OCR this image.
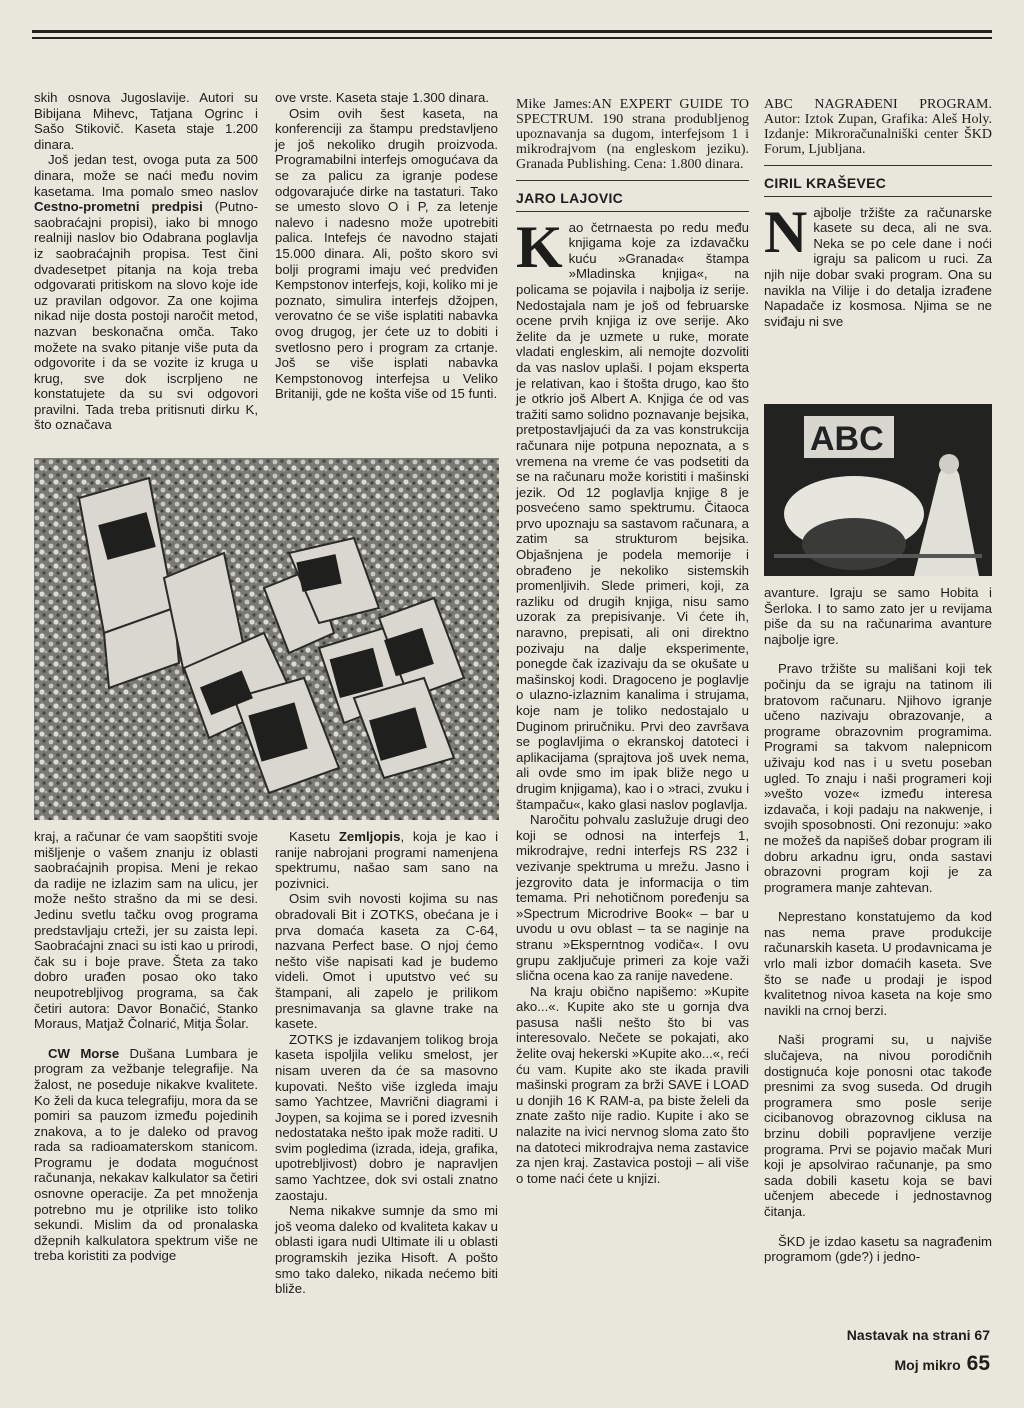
skih osnova Jugoslavije. Autori su Bibijana Mihevc, Tatjana Ogrinc i Sašo Stikovič. Kaseta staje 1.200 dinara.

Još jedan test, ovoga puta za 500 dinara, može se naći među novim kasetama. Ima pomalo smeo naslov Cestno-prometni predpisi (Putno-saobraćajni propisi), iako bi mnogo realniji naslov bio Odabrana poglavlja iz saobraćajnih propisa. Test čini dvadesetpet pitanja na koja treba odgovarati pritiskom na slovo koje ide uz pravilan odgovor. Za one kojima nikad nije dosta postoji naročit metod, nazvan beskonačna omča. Tako možete na svako pitanje više puta da odgovorite i da se vozite iz kruga u krug, sve dok iscrpljeno ne konstatujete da su svi odgovori pravilni. Tada treba pritisnuti dirku K, što označava

ove vrste. Kaseta staje 1.300 dinara.

Osim ovih šest kaseta, na konferenciji za štampu predstavljeno je još nekoliko drugih proizvoda. Programabilni interfejs omogućava da se za palicu za igranje podese odgovarajuće dirke na tastaturi. Tako se umesto slovo O i P, za letenje nalevo i nadesno može upotrebiti palica. Intefejs će navodno stajati 15.000 dinara. Ali, pošto skoro svi bolji programi imaju već predviđen Kempstonov interfejs, koji, koliko mi je poznato, simulira interfejs džojpen, verovatno će se više isplatiti nabavka ovog drugog, jer ćete uz to dobiti i svetlosno pero i program za crtanje. Još se više isplati nabavka Kempstonovog interfejsa u Veliko Britaniji, gde ne košta više od 15 funti.

kraj, a računar će vam saopštiti svoje mišljenje o vašem znanju iz oblasti saobraćajnih propisa. Meni je rekao da radije ne izlazim sam na ulicu, jer može nešto strašno da mi se desi. Jedinu svetlu tačku ovog programa predstavljaju crteži, jer su zaista lepi. Saobraćajni znaci su isti kao u prirodi, čak su i boje prave. Šteta za tako dobro urađen posao oko tako neupotrebljivog programa, sa čak četiri autora: Davor Bonačić, Stanko Moraus, Matjaž Čolnarić, Mitja Šolar.

CW Morse Dušana Lumbara je program za vežbanje telegrafije. Na žalost, ne poseduje nikakve kvalitete. Ko želi da kuca telegrafiju, mora da se pomiri sa pauzom između pojedinih znakova, a to je daleko od pravog rada sa radioamaterskom stanicom. Programu je dodata mogućnost računanja, nekakav kalkulator sa četiri osnovne operacije. Za pet množenja potrebno mu je otprilike isto toliko sekundi. Mislim da od pronalaska džepnih kalkulatora spektrum više ne treba koristiti za podvige

Kasetu Zemljopis, koja je kao i ranije nabrojani programi namenjena spektrumu, našao sam sano na pozivnici.

Osim svih novosti kojima su nas obradovali Bit i ZOTKS, obećana je i prva domaća kaseta za C-64, nazvana Perfect base. O njoj ćemo nešto više napisati kad je budemo videli. Omot i uputstvo već su štampani, ali zapelo je prilikom presnimavanja sa glavne trake na kasete.

ZOTKS je izdavanjem tolikog broja kaseta ispoljila veliku smelost, jer nisam uveren da će sa masovno kupovati. Nešto više izgleda imaju samo Yachtzee, Mavrični diagrami i Joypen, sa kojima se i pored izvesnih nedostataka nešto ipak može raditi. U svim pogledima (izrada, ideja, grafika, upotrebljivost) dobro je napravljen samo Yachtzee, dok svi ostali znatno zaostaju.

Nema nikakve sumnje da smo mi još veoma daleko od kvaliteta kakav u oblasti igara nudi Ultimate ili u oblasti programskih jezika Hisoft. A pošto smo tako daleko, nikada nećemo biti bliže.

Mike James:AN EXPERT GUIDE TO SPECTRUM. 190 strana produbljenog upoznavanja sa dugom, interfejsom 1 i mikrodrajvom (na engleskom jeziku). Granada Publishing. Cena: 1.800 dinara.
JARO LAJOVIC

Kao četrnaesta po redu među knjigama koje za izdavačku kuću »Granada« štampa »Mladinska knjiga«, na policama se pojavila i najbolja iz serije. Nedostajala nam je još od februarske ocene prvih knjiga iz ove serije. Ako želite da je uzmete u ruke, morate vladati engleskim, ali nemojte dozvoliti da vas naslov uplaši. I pojam eksperta je relativan, kao i štošta drugo, kao što je otkrio još Albert A. Knjiga će od vas tražiti samo solidno poznavanje bejsika, pretpostavljajući da za vas konstrukcija računara nije potpuna nepoznata, a s vremena na vreme će vas podsetiti da se na računaru može koristiti i mašinski jezik. Od 12 poglavlja knjige 8 je posvećeno samo spektrumu. Čitaoca prvo upoznaju sa sastavom računara, a zatim sa strukturom bejsika. Objašnjena je podela memorije i obrađeno je nekoliko sistemskih promenljivih. Slede primeri, koji, za razliku od drugih knjiga, nisu samo uzorak za prepisivanje. Vi ćete ih, naravno, prepisati, ali oni direktno pozivaju na dalje eksperimente, ponegde čak izazivaju da se okušate u mašinskoj kodi. Dragoceno je poglavlje o ulazno-izlaznim kanalima i strujama, koje nam je toliko nedostajalo u Duginom priručniku. Prvi deo završava se poglavljima o ekranskoj datoteci i aplikacijama (sprajtova još uvek nema, ali ovde smo im ipak bliže nego u drugim knjigama), kao i o »traci, zvuku i štampaču«, kako glasi naslov poglavlja.

Naročitu pohvalu zaslužuje drugi deo koji se odnosi na interfejs 1, mikrodrajve, redni interfejs RS 232 i vezivanje spektruma u mrežu. Jasno i jezgrovito data je informacija o tim temama. Pri nehotičnom poređenju sa »Spectrum Microdrive Book« – bar u uvodu u ovu oblast – ta se naginje na stranu »Eksperntnog vodiča«. I ovu grupu zaključuje primeri za koje važi slična ocena kao za ranije navedene.

Na kraju obično napišemo: »Kupite ako...«. Kupite ako ste u gornja dva pasusa našli nešto što bi vas interesovalo. Nečete se pokajati, ako želite ovaj hekerski »Kupite ako...«, reći ću vam. Kupite ako ste ikada pravili mašinski program za brži SAVE i LOAD u donjih 16 K RAM-a, pa biste želeli da znate zašto nije radio. Kupite i ako se nalazite na ivici nervnog sloma zato što na datoteci mikrodrajva nema zastavice za njen kraj. Zastavica postoji – ali više o tome naći ćete u knjizi.

ABC NAGRAĐENI PROGRAM. Autor: Iztok Zupan, Grafika: Aleš Holy. Izdanje: Mikroračunalniški center ŠKD Forum, Ljubljana.
CIRIL KRAŠEVEC

Najbolje tržište za računarske kasete su deca, ali ne sva. Neka se po cele dane i noći igraju sa palicom u ruci. Za njih nije dobar svaki program. Ona su navikla na Vilije i do detalja izrađene Napadače iz kosmosa. Njima se ne sviđaju ni sve

ABC

avanture. Igraju se samo Hobita i Šerloka. I to samo zato jer u revijama piše da su na računarima avanture najbolje igre.

Pravo tržište su mališani koji tek počinju da se igraju na tatinom ili bratovom računaru. Njihovo igranje učeno nazivaju obrazovanje, a programe obrazovnim programima. Programi sa takvom nalepnicom uživaju kod nas i u svetu poseban ugled. To znaju i naši programeri koji »vešto voze« između interesa izdavača, i koji padaju na nakwenje, i svojih sposobnosti. Oni rezonuju: »ako ne možeš da napišeš dobar program ili dobru arkadnu igru, onda sastavi obrazovni program koji je za programera manje zahtevan.

Neprestano konstatujemo da kod nas nema prave produkcije računarskih kaseta. U prodavnicama je vrlo mali izbor domaćih kaseta. Sve što se nađe u prodaji je ispod kvalitetnog nivoa kaseta na koje smo navikli na crnoj berzi.

Naši programi su, u najviše slučajeva, na nivou porodičnih dostignuća koje ponosni otac takođe presnimi za svog suseda. Od drugih programera smo posle serije cicibanovog obrazovnog ciklusa na brzinu dobili popravljene verzije programa. Prvi se pojavio mačak Muri koji je apsolvirao računanje, pa smo sada dobili kasetu koja se bavi učenjem abecede i jednostavnog čitanja.

ŠKD je izdao kasetu sa nagrađenim programom (gde?) i jedno-

Nastavak na strani 67
Moj mikro 65
